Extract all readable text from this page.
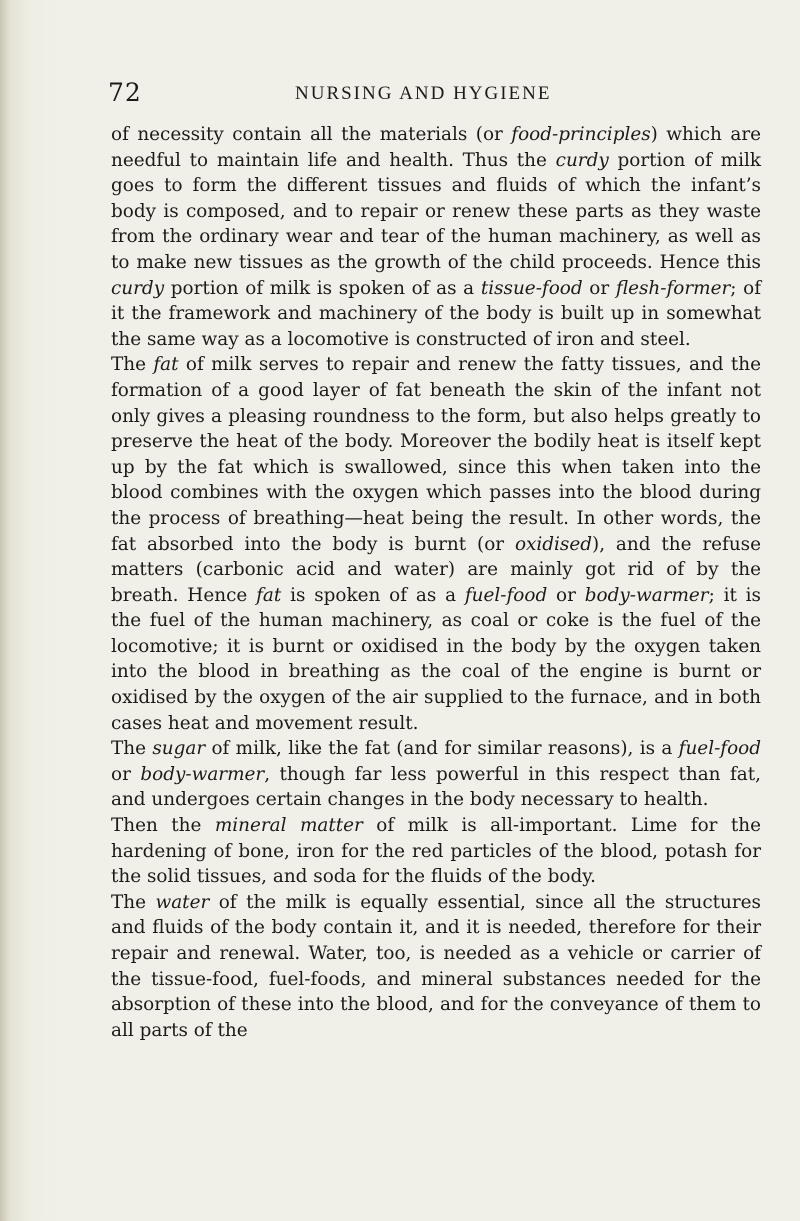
72	NURSING AND HYGIENE

of necessity contain all the materials (or food-principles) which are needful to maintain life and health. Thus the curdy portion of milk goes to form the different tissues and fluids of which the infant’s body is composed, and to repair or renew these parts as they waste from the ordinary wear and tear of the human machinery, as well as to make new tissues as the growth of the child proceeds. Hence this curdy portion of milk is spoken of as a tissue-food or flesh-former; of it the framework and machinery of the body is built up in somewhat the same way as a locomotive is constructed of iron and steel.

The fat of milk serves to repair and renew the fatty tissues, and the formation of a good layer of fat beneath the skin of the infant not only gives a pleasing roundness to the form, but also helps greatly to preserve the heat of the body. Moreover the bodily heat is itself kept up by the fat which is swallowed, since this when taken into the blood combines with the oxygen which passes into the blood during the process of breathing—heat being the result. In other words, the fat absorbed into the body is burnt (or oxidised), and the refuse matters (carbonic acid and water) are mainly got rid of by the breath. Hence fat is spoken of as a fuel-food or body-warmer; it is the fuel of the human machinery, as coal or coke is the fuel of the locomotive; it is burnt or oxidised in the body by the oxygen taken into the blood in breathing as the coal of the engine is burnt or oxidised by the oxygen of the air supplied to the furnace, and in both cases heat and movement result.

The sugar of milk, like the fat (and for similar reasons), is a fuel-food or body-warmer, though far less powerful in this respect than fat, and undergoes certain changes in the body necessary to health.

Then the mineral matter of milk is all-important. Lime for the hardening of bone, iron for the red particles of the blood, potash for the solid tissues, and soda for the fluids of the body.

The water of the milk is equally essential, since all the structures and fluids of the body contain it, and it is needed, therefore for their repair and renewal. Water, too, is needed as a vehicle or carrier of the tissue-food, fuel-foods, and mineral substances needed for the absorption of these into the blood, and for the conveyance of them to all parts of the
